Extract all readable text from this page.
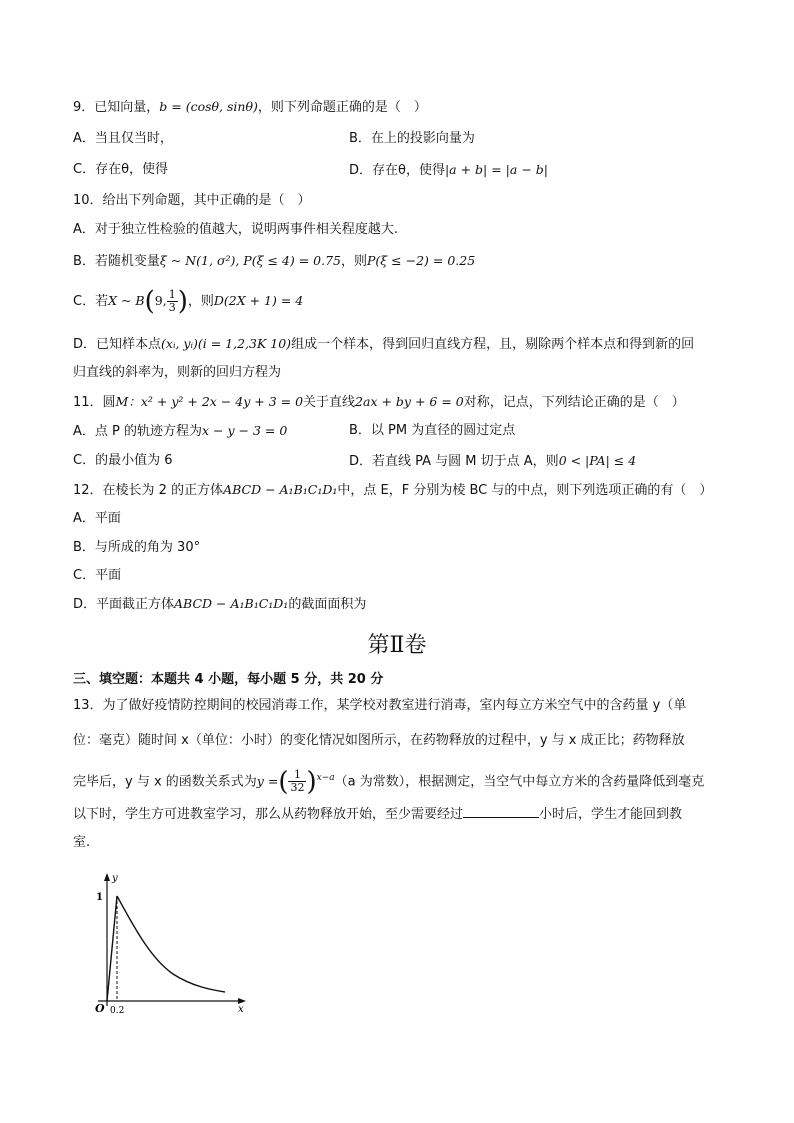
9．已知向量，b = (cosθ, sinθ)，则下列命题正确的是（　）
A．当且仅当时，	B．在上的投影向量为
C．存在θ，使得	D．存在θ，使得|a + b| = |a − b|
10．给出下列命题，其中正确的是（　）
A．对于独立性检验的值越大，说明两事件相关程度越大.
B．若随机变量ξ ~ N(1, σ²), P(ξ ≤ 4) = 0.75，则P(ξ ≤ −2) = 0.25
C．若X ~ B(9, $\frac{1}{3}$ )，则D(2X + 1) = 4
D．已知样本点(xᵢ, yᵢ)(i = 1,2,3K 10)组成一个样本，得到回归直线方程，且，剔除两个样本点和得到新的回
归直线的斜率为，则新的回归方程为
11．圆M：x² + y² + 2x − 4y + 3 = 0关于直线2ax + by + 6 = 0对称，记点，下列结论正确的是（　）
A．点 P 的轨迹方程为x − y − 3 = 0	B．以 PM 为直径的圆过定点
C．的最小值为 6	D．若直线 PA 与圆 M 切于点 A，则0 < |PA| ≤ 4
12．在棱长为 2 的正方体ABCD − A₁B₁C₁D₁中，点 E，F 分别为棱 BC 与的中点，则下列选项正确的有（　）
A．平面
B．与所成的角为 30°
C．平面
D．平面截正方体ABCD − A₁B₁C₁D₁的截面面积为
第Ⅱ卷
三、填空题：本题共 4 小题，每小题 5 分，共 20 分
13．为了做好疫情防控期间的校园消毒工作，某学校对教室进行消毒，室内每立方米空气中的含药量 y（单
位：毫克）随时间 x（单位：小时）的变化情况如图所示，在药物释放的过程中，y 与 x 成正比；药物释放
完毕后，y 与 x 的函数关系式为y =( $\frac{1}{32} )^{x-a}(a$ 为常数），根据测定，当空气中每立方米的含药量降低到毫克
以下时，学生方可进教室学习，那么从药物释放开始，至少需要经过	小时后，学生才能回到教
室.
y
x
O
1
0.2
